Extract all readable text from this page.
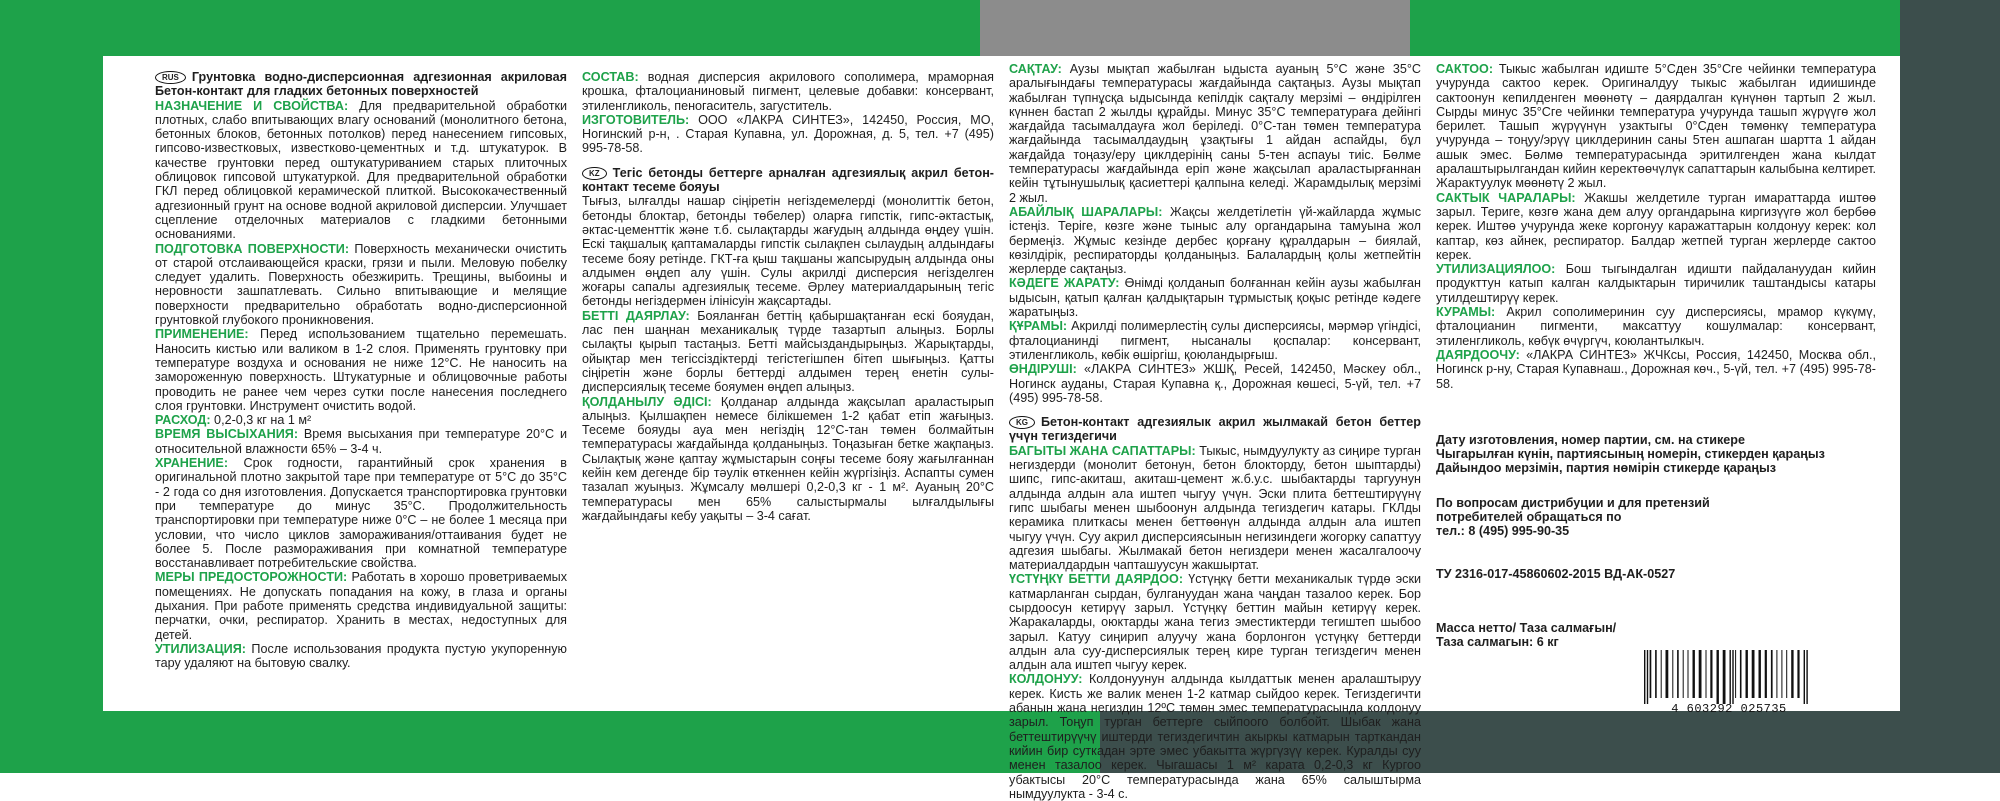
RUS Грунтовка водно-дисперсионная адгезионная акриловая Бетон-контакт для гладких бетонных поверхностей

НАЗНАЧЕНИЕ И СВОЙСТВА: Для предварительной обработки плотных, слабо впитывающих влагу оснований (монолитного бетона, бетонных блоков, бетонных потолков) перед нанесением гипсовых, гипсово-известковых, известково-цементных и т.д. штукатурок. В качестве грунтовки перед оштукатуриванием старых плиточных облицовок гипсовой штукатуркой. Для предварительной обработки ГКЛ перед облицовкой керамической плиткой. Высококачественный адгезионный грунт на основе водной акриловой дисперсии. Улучшает сцепление отделочных материалов с гладкими бетонными основаниями.

ПОДГОТОВКА ПОВЕРХНОСТИ: Поверхность механически очистить от старой отслаивающейся краски, грязи и пыли. Меловую побелку следует удалить. Поверхность обезжирить. Трещины, выбоины и неровности зашпатлевать. Сильно впитывающие и мелящие поверхности предварительно обработать водно-дисперсионной грунтовкой глубокого проникновения.

ПРИМЕНЕНИЕ: Перед использованием тщательно перемешать. Наносить кистью или валиком в 1-2 слоя. Применять грунтовку при температуре воздуха и основания не ниже 12°С. Не наносить на замороженную поверхность. Штукатурные и облицовочные работы проводить не ранее чем через сутки после нанесения последнего слоя грунтовки. Инструмент очистить водой.

РАСХОД: 0,2-0,3 кг на 1 м²

ВРЕМЯ ВЫСЫХАНИЯ: Время высыхания при температуре 20°С и относительной влажности 65% – 3-4 ч.

ХРАНЕНИЕ: Срок годности, гарантийный срок хранения в оригинальной плотно закрытой таре при температуре от 5°С до 35°С - 2 года со дня изготовления. Допускается транспортировка грунтовки при температуре до минус 35°С. Продолжительность транспортировки при температуре ниже 0°С – не более 1 месяца при условии, что число циклов замораживания/оттаивания будет не более 5. После размораживания при комнатной температуре восстанавливает потребительские свойства.

МЕРЫ ПРЕДОСТОРОЖНОСТИ: Работать в хорошо проветриваемых помещениях. Не допускать попадания на кожу, в глаза и органы дыхания. При работе применять средства индивидуальной защиты: перчатки, очки, респиратор. Хранить в местах, недоступных для детей.

УТИЛИЗАЦИЯ: После использования продукта пустую укупоренную тару удаляют на бытовую свалку.

СОСТАВ: водная дисперсия акрилового сополимера, мраморная крошка, фталоцианиновый пигмент, целевые добавки: консервант, этиленгликоль, пеногаситель, загуститель.

ИЗГОТОВИТЕЛЬ: ООО «ЛАКРА СИНТЕЗ», 142450, Россия, МО, Ногинский р-н, . Старая Купавна, ул. Дорожная, д. 5, тел. +7 (495) 995-78-58.

KZ Тегіс бетонды беттерге арналған адгезиялық акрил бетон-контакт тесеме бояуы

Тығыз, ылғалды нашар сіңіретін негіздемелерді (монолиттік бетон, бетонды блоктар, бетонды төбелер) оларға гипстік, гипс-әктастық, әктас-цементтік және т.б. сылақтарды жағудың алдында өңдеу үшін. Ескі тақшалық қаптамаларды гипстік сылақпен сылаудың алдындағы тесеме бояу ретінде. ГКТ-ға қыш тақшаны жапсырудың алдында оны алдымен өңдеп алу үшін. Сулы акрилді дисперсия негізделген жоғары сапалы адгезиялық тесеме. Әрлеу материалдарының тегіс бетонды негіздермен ілінісуін жақсартады.

БЕТТІ ДАЯРЛАУ: Бояланған беттің қабыршақтанған ескі бояудан, лас пен шаңнан механикалық түрде тазартып алыңыз. Борлы сылақты қырып тастаңыз. Бетті майсыздандырыңыз. Жарықтарды, ойықтар мен тегіссіздіктерді тегістегішпен бітеп шығыңыз. Қатты сіңіретін және борлы беттерді алдымен терең енетін сулы-дисперсиялық тесеме бояумен өңдеп алыңыз.

ҚОЛДАНЫЛУ ӘДІСІ: Қолданар алдында жақсылап араластырып алыңыз. Қылшақпен немесе білікшемен 1-2 қабат етіп жағыңыз. Тесеме бояуды ауа мен негіздің 12°С-тан төмен болмайтын температурасы жағдайында қолданыңыз. Тоңазыған бетке жақпаңыз. Сылақтық және қаптау жұмыстарын соңғы тесеме бояу жағылғаннан кейін кем дегенде бір тәулік өткеннен кейін жүргізіңіз. Аспапты сумен тазалап жуыңыз. Жұмсалу мөлшері 0,2-0,3 кг - 1 м². Ауаның 20°С температурасы мен 65% салыстырмалы ылғалдылығы жағдайындағы кебу уақыты – 3-4 сағат.

САҚТАУ: Аузы мықтап жабылған ыдыста ауаның 5°С және 35°С аралығындағы температурасы жағдайында сақтаңыз. Аузы мықтап жабылған түпнұсқа ыдысында кепілдік сақталу мерзімі – өндірілген күннен бастап 2 жылды құрайды. Минус 35°С температураға дейінгі жағдайда тасымалдауға жол беріледі. 0°С-тан төмен температура жағдайында тасымалдаудың ұзақтығы 1 айдан аспайды, бұл жағдайда тоңазу/еру циклдерінің саны 5-тен аспауы тиіс. Бөлме температурасы жағдайында еріп және жақсылап араластырғаннан кейін тұтынушылық қасиеттері қалпына келеді. Жарамдылық мерзімі 2 жыл.

АБАЙЛЫҚ ШАРАЛАРЫ: Жақсы желдетілетін үй-жайларда жұмыс істеңіз. Теріге, көзге және тыныс алу органдарына тамуына жол бермеңіз. Жұмыс кезінде дербес қорғану құралдарын – биялай, көзілдірік, респираторды қолданыңыз. Балалардың қолы жетпейтін жерлерде сақтаңыз.

КӘДЕГЕ ЖАРАТУ: Өнімді қолданып болғаннан кейін аузы жабылған ыдысын, қатып қалған қалдықтарын тұрмыстық қоқыс ретінде кәдеге жаратыңыз.

ҚҰРАМЫ: Акрилді полимерлестің сулы дисперсиясы, мәрмәр үгіндісі, фталоцианинді пигмент, нысаналы қоспалар: консервант, этиленгликоль, көбік өшіргіш, қоюландырғыш.

ӨНДІРУШІ: «ЛАКРА СИНТЕЗ» ЖШҚ, Ресей, 142450, Мәскеу обл., Ногинск ауданы, Старая Купавна қ., Дорожная көшесі, 5-үй, тел. +7 (495) 995-78-58.

KG Бетон-контакт адгезиялык акрил жылмакай бетон беттер үчүн тегиздегичи

БАГЫТЫ ЖАНА САПАТТАРЫ: Тыкыс, нымдуулукту аз сиңире турган негиздерди (монолит бетонун, бетон блокторду, бетон шыптарды) шипс, гипс-акиташ, акиташ-цемент ж.б.у.с. шыбактарды таргуунун алдында алдын ала иштеп чыгуу үчүн. Эски плита беттештирүүнү гипс шыбагы менен шыбоонун алдында тегиздегич катары. ГКЛды керамика плиткасы менен беттөөнүн алдында алдын ала иштеп чыгуу үчүн. Суу акрил дисперсиясынын негизиндеги жогорку сапаттуу адгезия шыбагы. Жылмакай бетон негиздери менен жасалгалоочу материалдардын чапташуусун жакшыртат.

ҮСТҮҢКҮ БЕТТИ ДАЯРДОО: Үстүңкү бетти механикалык түрдө эски катмарланган сырдан, булгануудан жана чаңдан тазалоо керек. Бор сырдоосун кетирүү зарыл. Үстүңкү беттин майын кетирүү керек. Жаракаларды, оюктарды жана тегиз эместиктерди тегиштеп шыбоо зарыл. Катуу сиңирип алуучу жана борлонгон үстүңкү беттерди алдын ала суу-дисперсиялык терең кире турган тегиздегич менен алдын ала иштеп чыгуу керек.

КОЛДОНУУ: Колдонуунун алдында кылдаттык менен аралаштыруу керек. Кисть же валик менен 1-2 катмар сыйдоо керек. Тегиздегичти абанын жана негиздин 12ºС төмөн эмес температурасында колдонуу зарыл. Тоңуп турган беттерге сыйпоого болбойт. Шыбак жана беттештирүүчү иштерди тегиздегичтин акыркы катмарын тарткандан кийин бир суткадан эрте эмес убакытта жүргүзүү керек. Куралды суу менен тазалоо керек. Чыгашасы 1 м² карата 0,2-0,3 кг Кургоо убактысы 20°С температурасында жана 65% салыштырма нымдуулукта - 3-4 с.

САКТОО: Тыкыс жабылган идиште 5°Сден 35°Сге чейинки температура учурунда сактоо керек. Оригиналдуу тыкыс жабылган идиишинде сактоонун кепилденген мөөнөтү – даярдалган күнүнөн тартып 2 жыл. Сырды минус 35°Сге чейинки температура учурунда ташып жүрүүгө жол берилет. Ташып жүрүүнүн узактыгы 0°Сден төмөнкү температура учурунда – тоңуу/эрүү циклдеринин саны 5тен ашпаган шартта 1 айдан ашык эмес. Бөлмө температурасында эритилгенден жана кылдат аралаштырылгандан кийин керектөөчүлүк сапаттарын калыбына келтирет. Жарактуулук мөөнөтү 2 жыл.

САКТЫК ЧАРАЛАРЫ: Жакшы желдетиле турган имараттарда иштөө зарыл. Териге, көзгө жана дем алуу органдарына киргизүүгө жол бербөө керек. Иштөө учурунда жеке коргонуу каражаттарын колдонуу керек: кол каптар, көз айнек, респиратор. Балдар жетпей турган жерлерде сактоо керек.

УТИЛИЗАЦИЯЛОО: Бош тыгындалган идишти пайдалануудан кийин продукттун катып калган калдыктарын тиричилик таштандысы катары утилдештирүү керек.

КУРАМЫ: Акрил сополимеринин суу дисперсиясы, мрамор күкүмү, фталоцианин пигменти, максаттуу кошулмалар: консервант, этиленгликоль, көбүк өчүргүч, коюлантылкыч.

ДАЯРДООЧУ: «ЛАКРА СИНТЕЗ» ЖЧКсы, Россия, 142450, Москва обл., Ногинск р-ну, Старая Купавнаш., Дорожная көч., 5-үй, тел. +7 (495) 995-78-58.

Дату изготовления, номер партии, см. на стикере

Чыгарылған күнін, партиясының номерін, стикерден қараңыз

Дайындоо мерзімін, партия нөмірін стикерде қараңыз

По вопросам дистрибуции и для претензий

потребителей обращаться по

тел.: 8 (495) 995-90-35

ТУ 2316-017-45860602-2015 ВД-АК-0527

Масса нетто/ Таза салмағын/

Таза салмагын: 6 кг

4 603292 025735
